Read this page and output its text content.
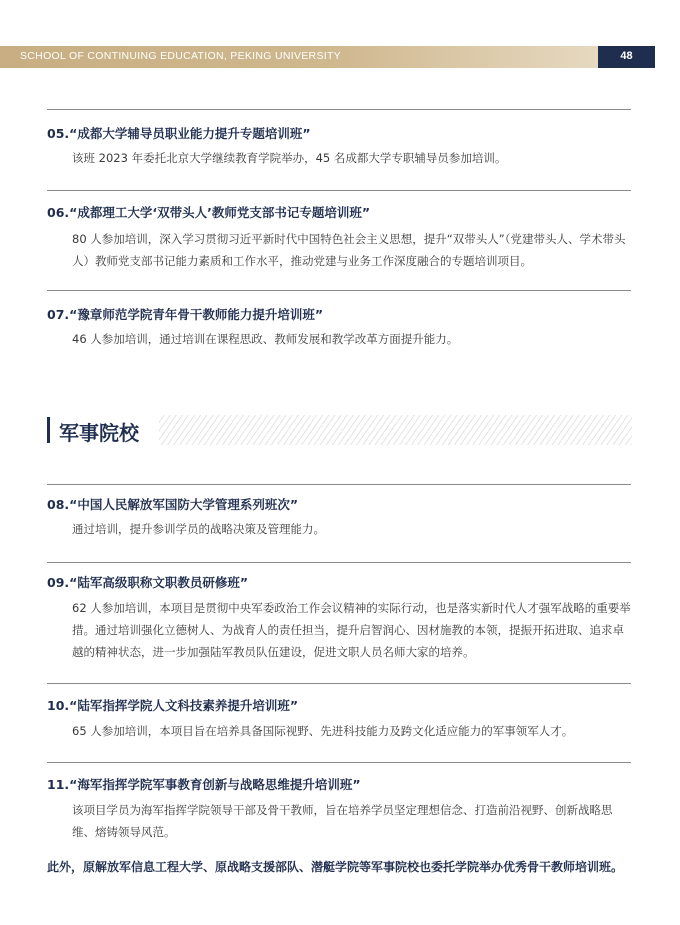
SCHOOL OF CONTINUING EDUCATION, PEKING UNIVERSITY	48
05.“成都大学辅导员职业能力提升专题培训班”
该班 2023 年委托北京大学继续教育学院举办，45 名成都大学专职辅导员参加培训。
06.“成都理工大学‘双带头人’教师党支部书记专题培训班”
80 人参加培训，深入学习贯彻习近平新时代中国特色社会主义思想，提升“双带头人”（党建带头人、学术带头人）教师党支部书记能力素质和工作水平，推动党建与业务工作深度融合的专题培训项目。
07.“豫章师范学院青年骨干教师能力提升培训班”
46 人参加培训，通过培训在课程思政、教师发展和教学改革方面提升能力。
军事院校
08.“中国人民解放军国防大学管理系列班次”
通过培训，提升参训学员的战略决策及管理能力。
09.“陆军高级职称文职教员研修班”
62 人参加培训，本项目是贯彻中央军委政治工作会议精神的实际行动，也是落实新时代人才强军战略的重要举措。通过培训强化立德树人、为战育人的责任担当，提升启智润心、因材施教的本领，提振开拓进取、追求卓越的精神状态，进一步加强陆军教员队伍建设，促进文职人员名师大家的培养。
10.“陆军指挥学院人文科技素养提升培训班”
65 人参加培训，本项目旨在培养具备国际视野、先进科技能力及跨文化适应能力的军事领军人才。
11.“海军指挥学院军事教育创新与战略思维提升培训班”
该项目学员为海军指挥学院领导干部及骨干教师，旨在培养学员坚定理想信念、打造前沿视野、创新战略思维、熔铸领导风范。
此外，原解放军信息工程大学、原战略支援部队、潜艇学院等军事院校也委托学院举办优秀骨干教师培训班。
